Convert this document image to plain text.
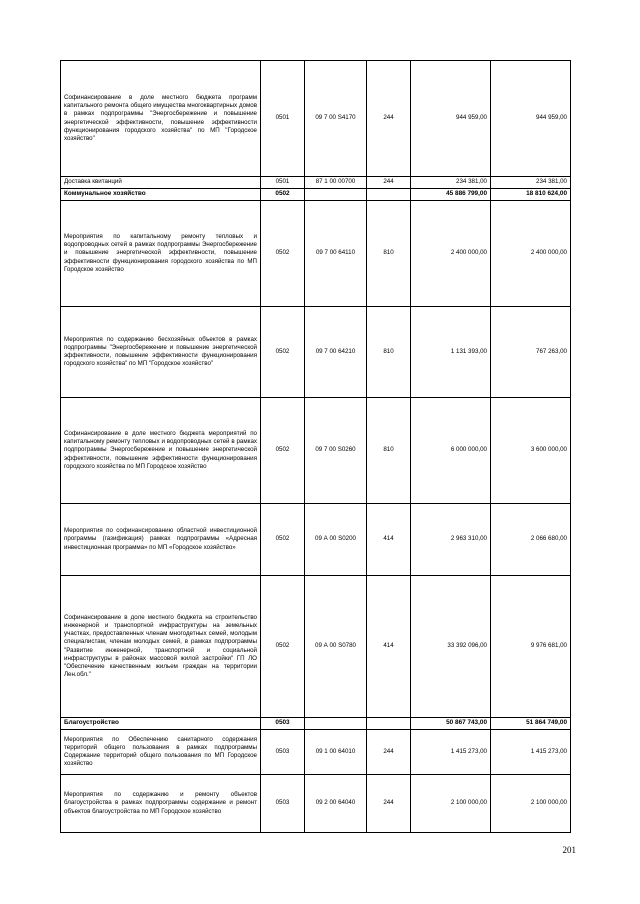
Софинансирование в доле местного бюджета программ капитального ремонта общего имущества многоквартирных домов в рамках подпрограммы "Энергосбережение и повышение энергетической эффективности, повышение эффективности функционирования городского хозяйства" по МП "Городское хозяйство"	0501	09 7 00 S4170	244	944 959,00	944 959,00
Доставка квитанций	0501	87 1 00 00700	244	234 381,00	234 381,00
Коммунальное хозяйство	0502			45 886 799,00	18 810 624,00
Мероприятия по капитальному ремонту тепловых и водопроводных сетей в рамках подпрограммы Энергосбережение и повышение энергетической эффективности, повышение эффективности функционирования городского хозяйства по МП Городское хозяйство	0502	09 7 00 64110	810	2 400 000,00	2 400 000,00
Мероприятия по содержанию бесхозяйных объектов в рамках подпрограммы "Энергосбережение и повышение энергетической эффективности, повышение эффективности функционирования городского хозяйства" по МП "Городское хозяйство"	0502	09 7 00 64210	810	1 131 393,00	767 263,00
Софинансирование в доле местного бюджета мероприятий по капитальному ремонту тепловых и водопроводных сетей в рамках подпрограммы Энергосбережение и повышение энергетической эффективности, повышение эффективности функционирования городского хозяйства по МП Городское хозяйство	0502	09 7 00 S0260	810	6 000 000,00	3 600 000,00
Мероприятия по софинансированию областной инвестиционной программы (газификация) рамках подпрограммы «Адресная инвестиционная программа» по МП «Городское хозяйство»	0502	09 А 00 S0200	414	2 963 310,00	2 066 680,00
Софинансирование в доле местного бюджета на строительство инженерной и транспортной инфраструктуры на земельных участках, предоставленных членам многодетных семей, молодым специалистам, членам молодых семей, в рамках подпрограммы "Развитие инженерной, транспортной и социальной инфраструктуры в районах массовой жилой застройки" ГП ЛО "Обеспечение качественным жильем граждан на территории Лен.обл."	0502	09 А 00 S0780	414	33 392 096,00	9 976 681,00
Благоустройство	0503			50 867 743,00	51 864 749,00
Мероприятия по Обеспечению санитарного содержания территорий общего пользования в рамках подпрограммы Содержание территорий общего пользования по МП Городское хозяйство	0503	09 1 00 64010	244	1 415 273,00	1 415 273,00
Мероприятия по содержанию и ремонту объектов благоустройства в рамках подпрограммы содержание и ремонт объектов благоустройства по МП Городское хозяйство	0503	09 2 00 64040	244	2 100 000,00	2 100 000,00
201
